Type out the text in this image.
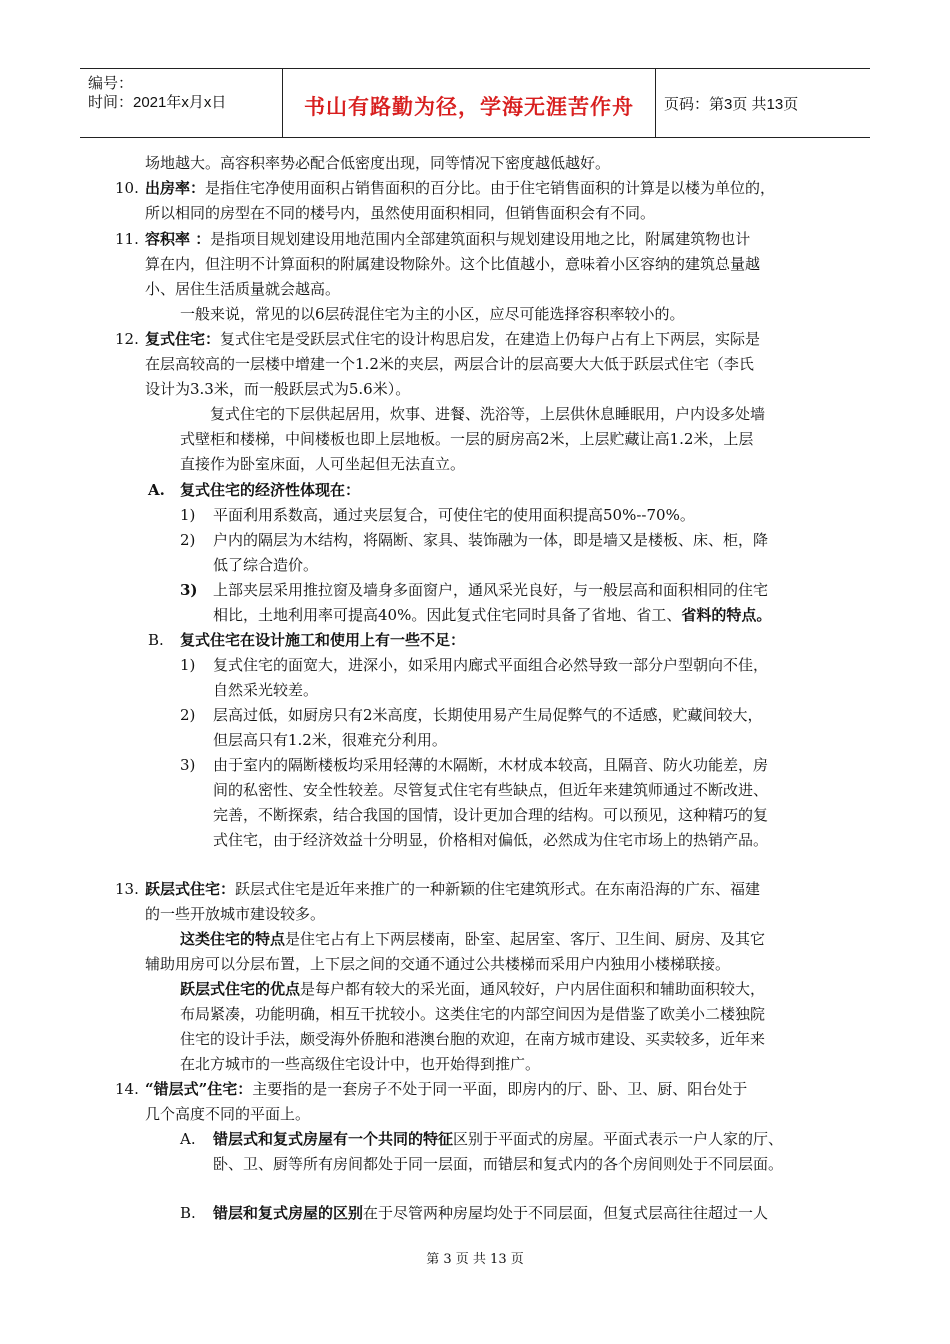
编号：
时间：2021年x月x日	书山有路勤为径，学海无涯苦作舟	页码：第3页 共13页
场地越大。高容积率势必配合低密度出现，同等情况下密度越低越好。
10. 出房率：是指住宅净使用面积占销售面积的百分比。由于住宅销售面积的计算是以楼为单位的，
所以相同的房型在不同的楼号内，虽然使用面积相同，但销售面积会有不同。
11. 容积率 ：是指项目规划建设用地范围内全部建筑面积与规划建设用地之比，附属建筑物也计
算在内，但注明不计算面积的附属建设物除外。这个比值越小，意味着小区容纳的建筑总量越
小、居住生活质量就会越高。
一般来说，常见的以6层砖混住宅为主的小区，应尽可能选择容积率较小的。
12. 复式住宅：复式住宅是受跃层式住宅的设计构思启发，在建造上仍每户占有上下两层，实际是
在层高较高的一层楼中增建一个1.2米的夹层，两层合计的层高要大大低于跃层式住宅（李氏
设计为3.3米，而一般跃层式为5.6米）。
复式住宅的下层供起居用，炊事、进餐、洗浴等，上层供休息睡眠用，户内设多处墙
式壁柜和楼梯，中间楼板也即上层地板。一层的厨房高2米，上层贮藏让高1.2米，上层
直接作为卧室床面，人可坐起但无法直立。
A. 复式住宅的经济性体现在：
1) 平面利用系数高，通过夹层复合，可使住宅的使用面积提高50%--70%。
2) 户内的隔层为木结构，将隔断、家具、装饰融为一体，即是墙又是楼板、床、柜，降
低了综合造价。
3) 上部夹层采用推拉窗及墙身多面窗户，通风采光良好，与一般层高和面积相同的住宅
相比，土地利用率可提高40%。因此复式住宅同时具备了省地、省工、省料的特点。
B. 复式住宅在设计施工和使用上有一些不足：
1) 复式住宅的面宽大，进深小，如采用内廊式平面组合必然导致一部分户型朝向不佳，
自然采光较差。
2) 层高过低，如厨房只有2米高度，长期使用易产生局促弊气的不适感，贮藏间较大，
但层高只有1.2米，很难充分利用。
3) 由于室内的隔断楼板均采用轻薄的木隔断，木材成本较高，且隔音、防火功能差，房
间的私密性、安全性较差。尽管复式住宅有些缺点，但近年来建筑师通过不断改进、
完善，不断探索，结合我国的国情，设计更加合理的结构。可以预见，这种精巧的复
式住宅，由于经济效益十分明显，价格相对偏低，必然成为住宅市场上的热销产品。
13. 跃层式住宅：跃层式住宅是近年来推广的一种新颖的住宅建筑形式。在东南沿海的广东、福建
的一些开放城市建设较多。
这类住宅的特点是住宅占有上下两层楼南，卧室、起居室、客厅、卫生间、厨房、及其它
辅助用房可以分层布置，上下层之间的交通不通过公共楼梯而采用户内独用小楼梯联接。
跃层式住宅的优点是每户都有较大的采光面，通风较好，户内居住面积和辅助面积较大，
布局紧凑，功能明确，相互干扰较小。这类住宅的内部空间因为是借鉴了欧美小二楼独院
住宅的设计手法，颇受海外侨胞和港澳台胞的欢迎，在南方城市建设、买卖较多，近年来
在北方城市的一些高级住宅设计中，也开始得到推广。
14. “错层式”住宅：主要指的是一套房子不处于同一平面，即房内的厅、卧、卫、厨、阳台处于
几个高度不同的平面上。
A. 错层式和复式房屋有一个共同的特征区别于平面式的房屋。平面式表示一户人家的厅、
卧、卫、厨等所有房间都处于同一层面，而错层和复式内的各个房间则处于不同层面。
B. 错层和复式房屋的区别在于尽管两种房屋均处于不同层面，但复式层高往往超过一人
第 3 页 共 13 页
